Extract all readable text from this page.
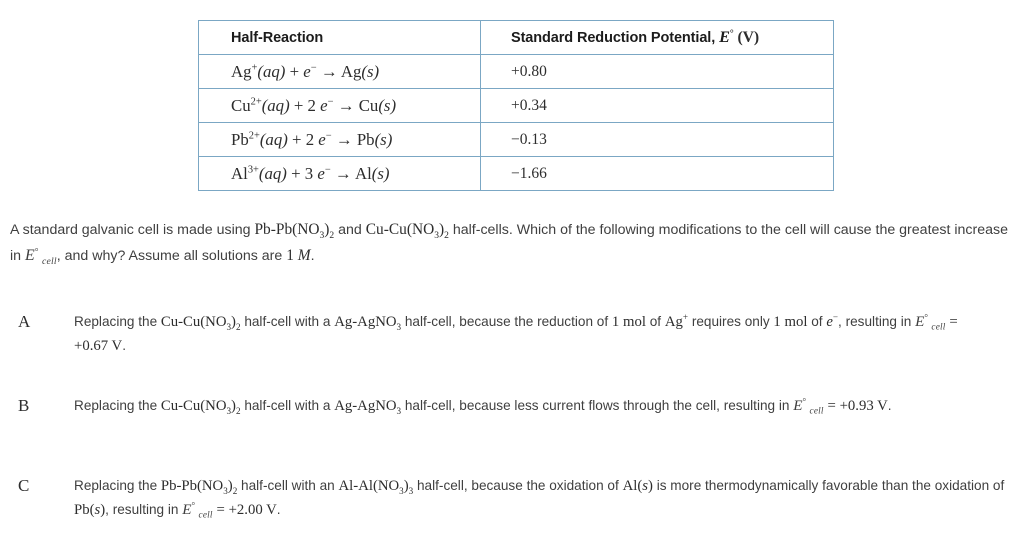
Half-Reaction	Standard Reduction Potential, E° (V)
Ag+(aq) + e− → Ag(s)	+0.80
$Cu^{2+}(aq) + 2$ e− → Cu(s)	+0.34
$Pb^{2+}(aq) + 2$ e− → Pb(s)	−0.13
$Al^{3+}(aq) + 3$ e− → Al(s)	−1.66
A standard galvanic cell is made using $Pb-Pb(NO_3)_2$ and $Cu-Cu(NO_3)_2$ half-cells. Which of the following modifications to the cell will cause the greatest increase in E° $_{cell}$, and why? Assume all solutions are 1 M.
A	Replacing the $Cu-Cu(NO_3)_2$ half-cell with a Ag-AgNO$_3$ half-cell, because the reduction of 1 mol of Ag+ requires only 1 mol of e−, resulting in E° $_{cell}$ = +0.67 V.
B	Replacing the $Cu-Cu(NO_3)_2$ half-cell with a Ag-AgNO$_3$ half-cell, because less current flows through the cell, resulting in E° $_{cell}$ = +0.93 V.
C	Replacing the $Pb-Pb(NO_3)_2$ half-cell with an $Al-Al(NO_3)_3$ half-cell, because the oxidation of Al(s) is more thermodynamically favorable than the oxidation of Pb(s), resulting in E° $_{cell}$ = +2.00 V.
